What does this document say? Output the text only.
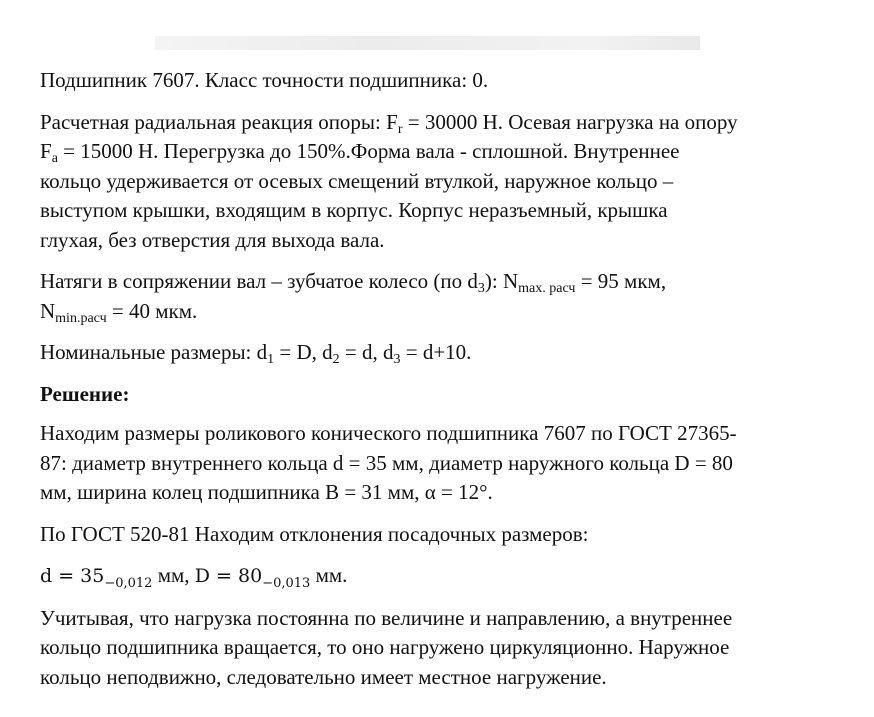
Подшипник 7607. Класс точности подшипника: 0.

Расчетная радиальная реакция опоры: $F_r = 30000$ Н. Осевая нагрузка на опору
$F_a = 15000$ Н. Перегрузка до 150%.Форма вала - сплошной. Внутреннее
кольцо удерживается от осевых смещений втулкой, наружное кольцо –
выступом крышки, входящим в корпус. Корпус неразъемный, крышка
глухая, без отверстия для выхода вала.

Натяги в сопряжении вал – зубчатое колесо (по $d_3$): $N_{max. расч} = 95$ мкм,
$N_{min.расч} = 40$ мкм.

Номинальные размеры: $d_1 = D$, $d_2 = d$, $d_3 = d+10$.

Решение:

Находим размеры роликового конического подшипника 7607 по ГОСТ 27365-
87: диаметр внутреннего кольца d = 35 мм, диаметр наружного кольца D = 80
мм, ширина колец подшипника B = 31 мм, α = 12°.

По ГОСТ 520-81 Находим отклонения посадочных размеров:

$d = 35_{-0,012}$ мм, $D = 80_{-0,013}$ мм.

Учитывая, что нагрузка постоянна по величине и направлению, а внутреннее
кольцо подшипника вращается, то оно нагружено циркуляционно. Наружное
кольцо неподвижно, следовательно имеет местное нагружение.
